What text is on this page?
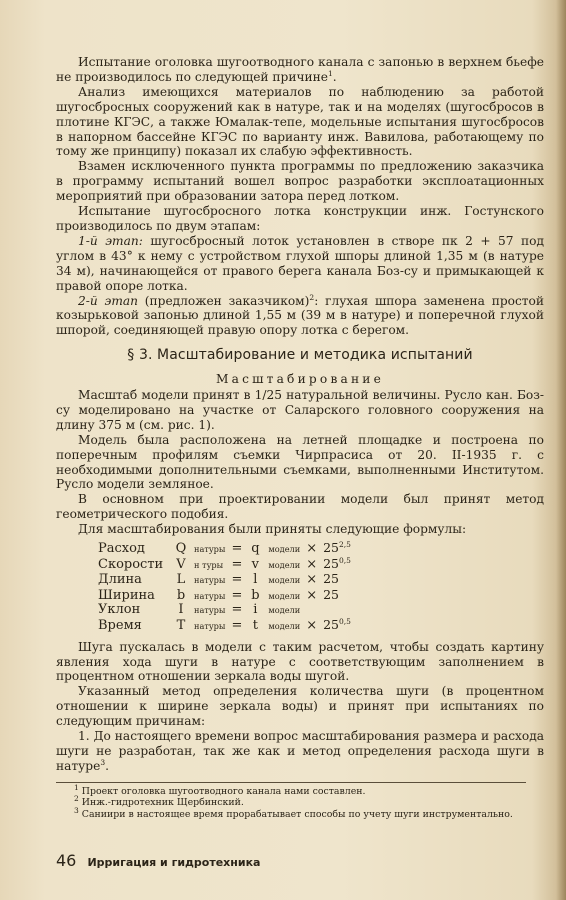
Испытание оголовка шугоотводного канала с запонью в верхнем бьефе не производилось по следующей причине$^1$.

Анализ имеющихся материалов по наблюдению за работой шугосбросных сооружений как в натуре, так и на моделях (шугосбросов в плотине КГЭС, а также Юмалак-тепе, модельные испытания шугосбросов в напорном бассейне КГЭС по варианту инж. Вавилова, работающему по тому же принципу) показал их слабую эффективность.

Взамен исключенного пункта программы по предложению заказчика в программу испытаний вошел вопрос разработки эксплоатационных мероприятий при образовании затора перед лотком.

Испытание шугосбросного лотка конструкции инж. Гостунского производилось по двум этапам:

1-й этап: шугосбросный лоток установлен в створе пк 2 + 57 под углом в 43° к нему с устройством глухой шпоры длиной 1,35 м (в натуре 34 м), начинающейся от правого берега канала Боз-су и примыкающей к правой опоре лотка.

2-й этап (предложен заказчиком)$^2$: глухая шпора заменена простой козырьковой запонью длиной 1,55 м (39 м в натуре) и поперечной глухой шпорой, соединяющей правую опору лотка с берегом.

§ 3. Масштабирование и методика испытаний
Масштабирование

Масштаб модели принят в 1/25 натуральной величины. Русло кан. Боз-су моделировано на участке от Саларского головного сооружения на длину 375 м (см. рис. 1).

Модель была расположена на летней площадке и построена по поперечным профилям съемки Чирпрасиса от 20. II-1935 г. с необходимыми дополнительными съемками, выполненными Институтом. Русло модели земляное.

В основном при проектировании модели был принят метод геометрического подобия.

Для масштабирования были приняты следующие формулы:

Расход	Q	натуры	=	q	модели	×	$25^{2,5}$
Скорости	V	н туры	=	v	модели	×	$25^{0,5}$
Длина	L	натуры	=	l	модели	×	25
Ширина	b	натуры	=	b	модели	×	25
Уклон	I	натуры	=	i	модели		
Время	T	натуры	=	t	модели	×	$25^{0,5}$

Шуга пускалась в модели с таким расчетом, чтобы создать картину явления хода шуги в натуре с соответствующим заполнением в процентном отношении зеркала воды шугой.

Указанный метод определения количества шуги (в процентном отношении к ширине зеркала воды) и принят при испытаниях по следующим причинам:

1. До настоящего времени вопрос масштабирования размера и расхода шуги не разработан, так же как и метод определения расхода шуги в натуре$^3$.

$^1$ Проект оголовка шугоотводного канала нами составлен.
$^2$ Инж.-гидротехник Щербинский.
$^3$ Саниири в настоящее время прорабатывает способы по учету шуги инструментально.
46 Ирригация и гидротехника
